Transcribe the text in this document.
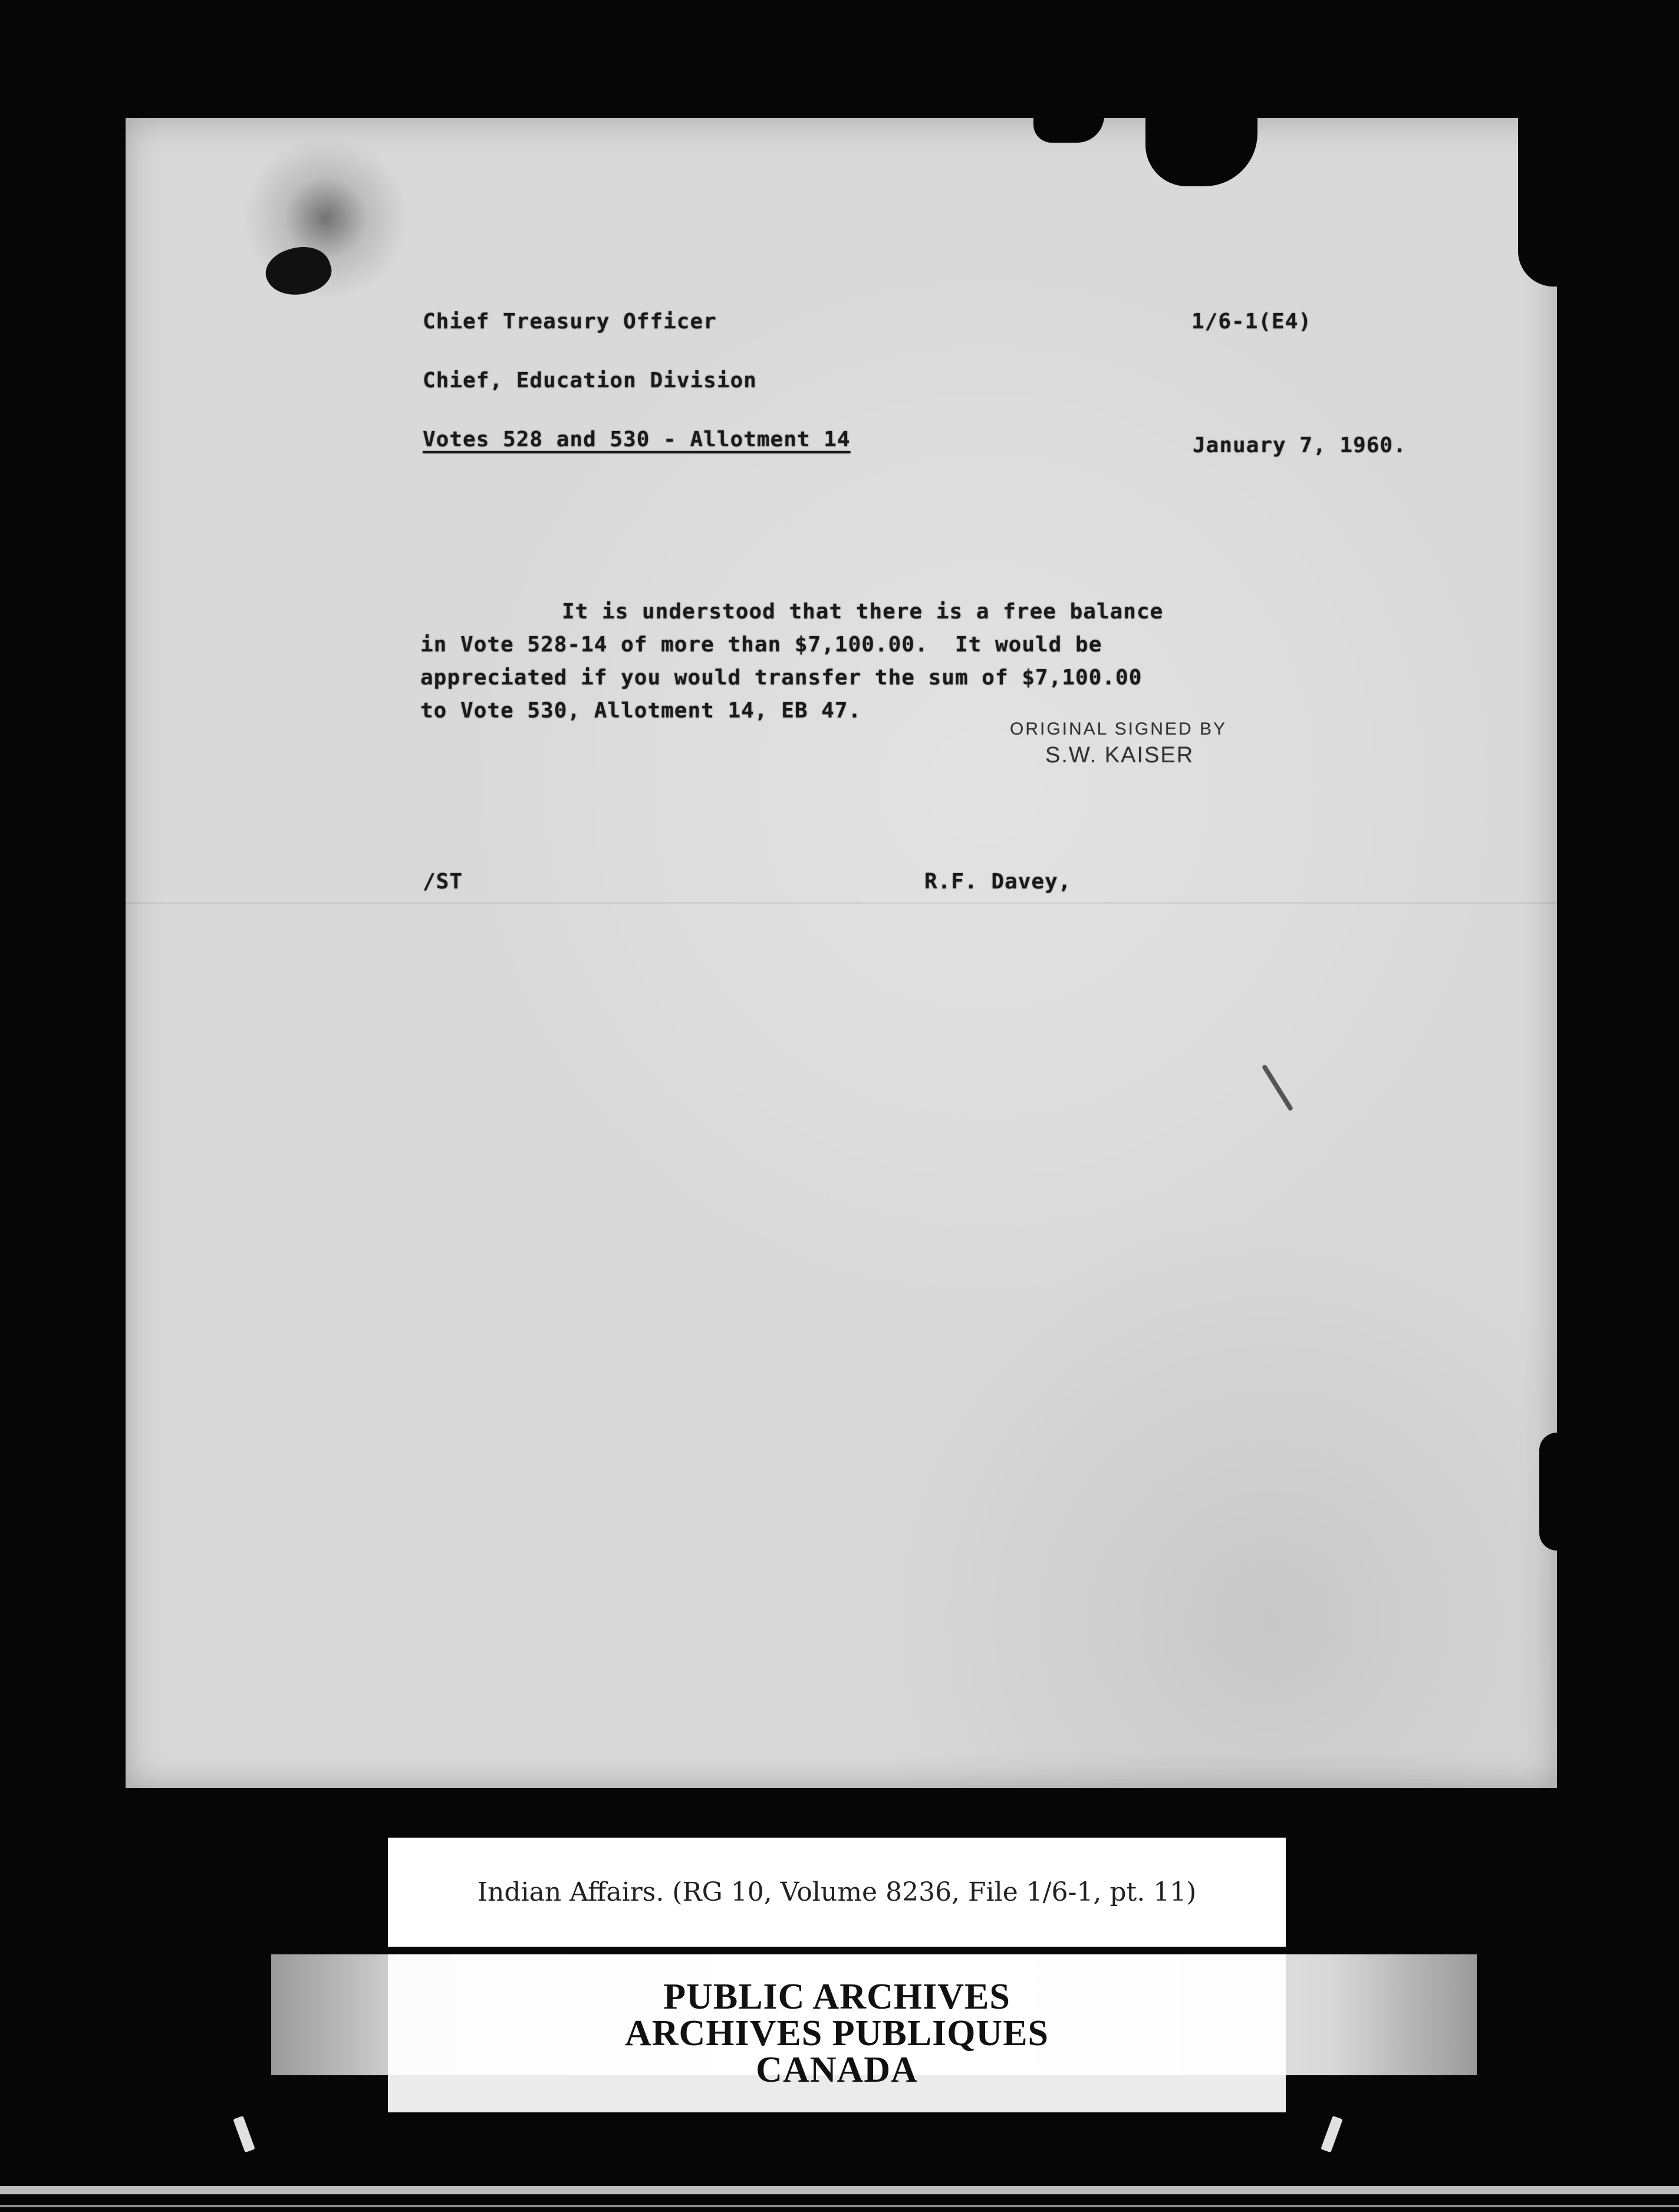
Chief Treasury Officer	1/6-1(E4)
Chief, Education Division
Votes 528 and 530 - Allotment 14	January 7, 1960.
It is understood that there is a free balance
in Vote 528-14 of more than $7,100.00.  It would be
appreciated if you would transfer the sum of $7,100.00
to Vote 530, Allotment 14, EB 47.
ORIGINAL SIGNED BY
S.W. KAISER
/ST	R.F. Davey,
Indian Affairs. (RG 10, Volume 8236, File 1/6-1, pt. 11)
PUBLIC ARCHIVES
ARCHIVES PUBLIQUES
CANADA
